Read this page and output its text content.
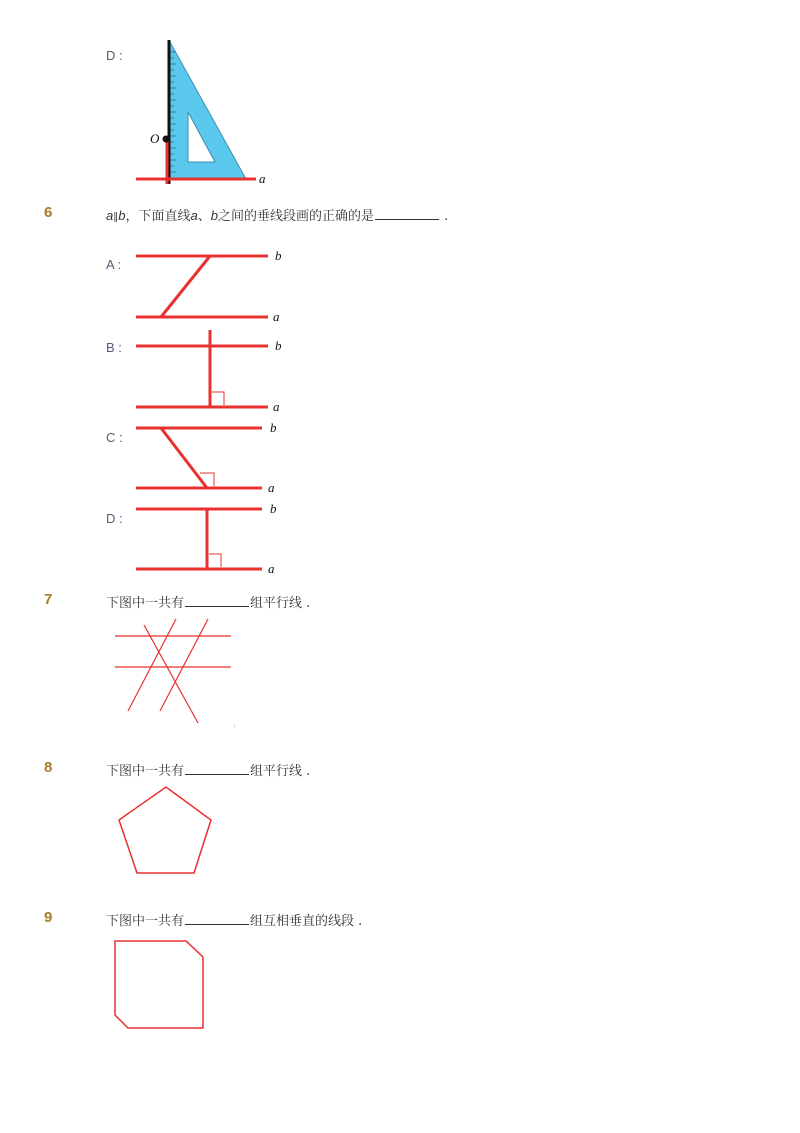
D :
O
a
6	a∥b，下面直线a、b之间的垂线段画的正确的是	.
A :
b
a
B :	b
a
C :
b
a
D :
b
a
7	下图中一共有	组平行线 .
↓
8	下图中一共有	组平行线 .
9	下图中一共有	组互相垂直的线段 .
